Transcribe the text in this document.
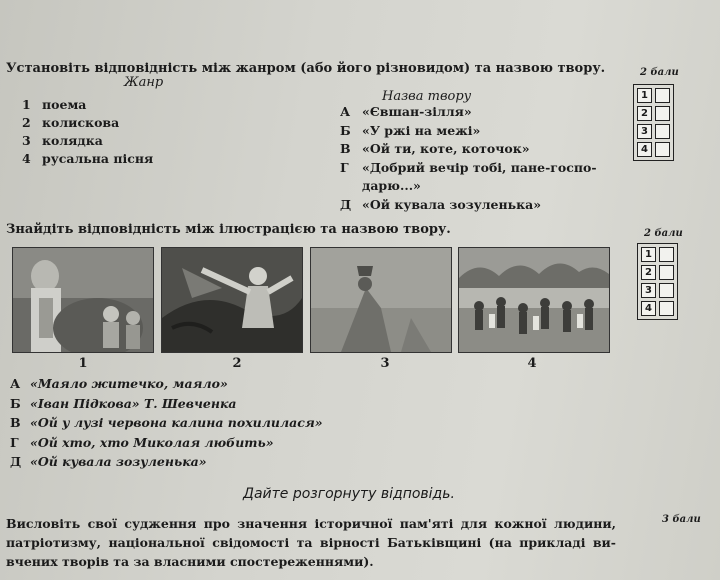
Установіть відповідність між жанром (або його різновидом) та назвою твору.	2 бали
Жанр
Назва твору
1 поема
2 колискова
3 колядка
4 русальна пісня
А «Євшан-зілля»
Б «У ржі на межі»
В «Ой ти, коте, коточок»
Г «Добрий вечір тобі, пане-госпо-
дарю...»
Д «Ой кувала зозуленька»
1
2
3
4
Знайдіть відповідність між ілюстрацією та назвою твору.	2 бали
1	2	3	4
А «Маяло житечко, маяло»
Б «Іван Підкова» Т. Шевченка
В «Ой у лузі червона калина похилилася»
Г «Ой хто, хто Миколая любить»
Д «Ой кувала зозуленька»
1
2
3
4
Дайте розгорнуту відповідь.
Висловіть свої судження про значення історичної пам'яті для кожної людини, патріотизму, національної свідомості та вірності Батьківщині (на прикладі ви-вчених творів та за власними спостереженнями).
3 бали
